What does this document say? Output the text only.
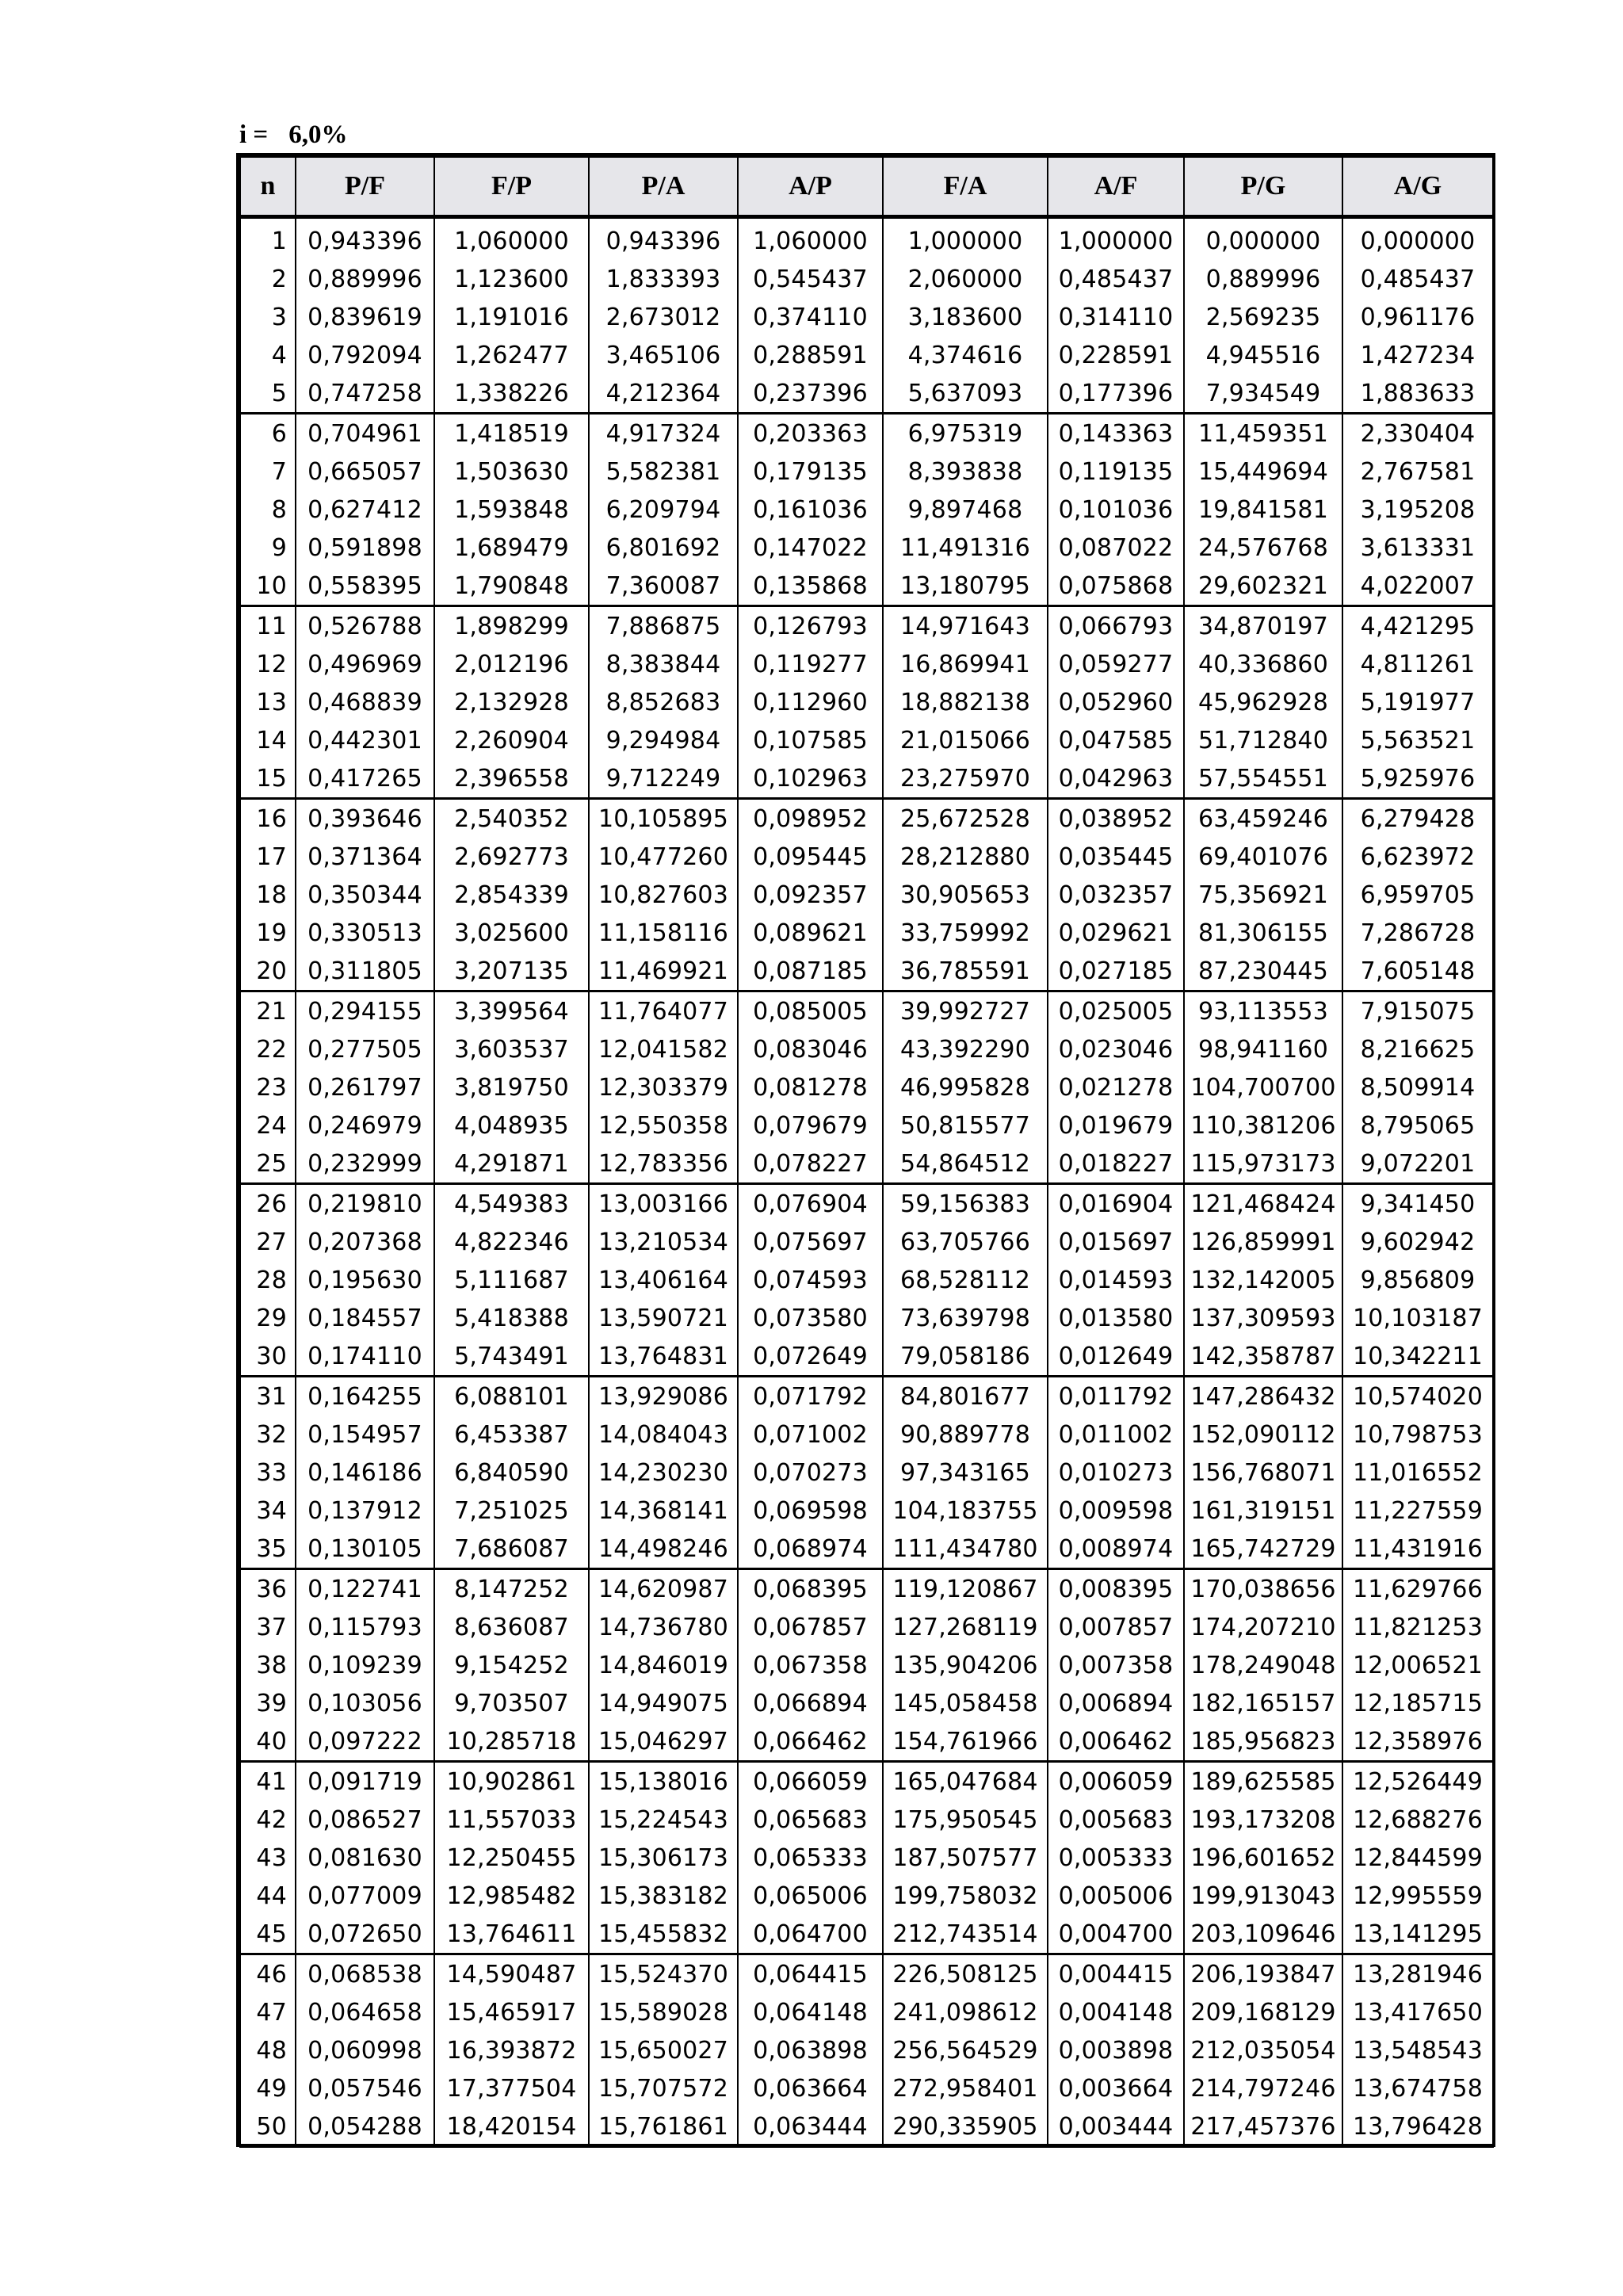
i = 6,0%
n	P/F	F/P	P/A	A/P	F/A	A/F	P/G	A/G
1	0,943396	1,060000	0,943396	1,060000	1,000000	1,000000	0,000000	0,000000
2	0,889996	1,123600	1,833393	0,545437	2,060000	0,485437	0,889996	0,485437
3	0,839619	1,191016	2,673012	0,374110	3,183600	0,314110	2,569235	0,961176
4	0,792094	1,262477	3,465106	0,288591	4,374616	0,228591	4,945516	1,427234
5	0,747258	1,338226	4,212364	0,237396	5,637093	0,177396	7,934549	1,883633
6	0,704961	1,418519	4,917324	0,203363	6,975319	0,143363	11,459351	2,330404
7	0,665057	1,503630	5,582381	0,179135	8,393838	0,119135	15,449694	2,767581
8	0,627412	1,593848	6,209794	0,161036	9,897468	0,101036	19,841581	3,195208
9	0,591898	1,689479	6,801692	0,147022	11,491316	0,087022	24,576768	3,613331
10	0,558395	1,790848	7,360087	0,135868	13,180795	0,075868	29,602321	4,022007
11	0,526788	1,898299	7,886875	0,126793	14,971643	0,066793	34,870197	4,421295
12	0,496969	2,012196	8,383844	0,119277	16,869941	0,059277	40,336860	4,811261
13	0,468839	2,132928	8,852683	0,112960	18,882138	0,052960	45,962928	5,191977
14	0,442301	2,260904	9,294984	0,107585	21,015066	0,047585	51,712840	5,563521
15	0,417265	2,396558	9,712249	0,102963	23,275970	0,042963	57,554551	5,925976
16	0,393646	2,540352	10,105895	0,098952	25,672528	0,038952	63,459246	6,279428
17	0,371364	2,692773	10,477260	0,095445	28,212880	0,035445	69,401076	6,623972
18	0,350344	2,854339	10,827603	0,092357	30,905653	0,032357	75,356921	6,959705
19	0,330513	3,025600	11,158116	0,089621	33,759992	0,029621	81,306155	7,286728
20	0,311805	3,207135	11,469921	0,087185	36,785591	0,027185	87,230445	7,605148
21	0,294155	3,399564	11,764077	0,085005	39,992727	0,025005	93,113553	7,915075
22	0,277505	3,603537	12,041582	0,083046	43,392290	0,023046	98,941160	8,216625
23	0,261797	3,819750	12,303379	0,081278	46,995828	0,021278	104,700700	8,509914
24	0,246979	4,048935	12,550358	0,079679	50,815577	0,019679	110,381206	8,795065
25	0,232999	4,291871	12,783356	0,078227	54,864512	0,018227	115,973173	9,072201
26	0,219810	4,549383	13,003166	0,076904	59,156383	0,016904	121,468424	9,341450
27	0,207368	4,822346	13,210534	0,075697	63,705766	0,015697	126,859991	9,602942
28	0,195630	5,111687	13,406164	0,074593	68,528112	0,014593	132,142005	9,856809
29	0,184557	5,418388	13,590721	0,073580	73,639798	0,013580	137,309593	10,103187
30	0,174110	5,743491	13,764831	0,072649	79,058186	0,012649	142,358787	10,342211
31	0,164255	6,088101	13,929086	0,071792	84,801677	0,011792	147,286432	10,574020
32	0,154957	6,453387	14,084043	0,071002	90,889778	0,011002	152,090112	10,798753
33	0,146186	6,840590	14,230230	0,070273	97,343165	0,010273	156,768071	11,016552
34	0,137912	7,251025	14,368141	0,069598	104,183755	0,009598	161,319151	11,227559
35	0,130105	7,686087	14,498246	0,068974	111,434780	0,008974	165,742729	11,431916
36	0,122741	8,147252	14,620987	0,068395	119,120867	0,008395	170,038656	11,629766
37	0,115793	8,636087	14,736780	0,067857	127,268119	0,007857	174,207210	11,821253
38	0,109239	9,154252	14,846019	0,067358	135,904206	0,007358	178,249048	12,006521
39	0,103056	9,703507	14,949075	0,066894	145,058458	0,006894	182,165157	12,185715
40	0,097222	10,285718	15,046297	0,066462	154,761966	0,006462	185,956823	12,358976
41	0,091719	10,902861	15,138016	0,066059	165,047684	0,006059	189,625585	12,526449
42	0,086527	11,557033	15,224543	0,065683	175,950545	0,005683	193,173208	12,688276
43	0,081630	12,250455	15,306173	0,065333	187,507577	0,005333	196,601652	12,844599
44	0,077009	12,985482	15,383182	0,065006	199,758032	0,005006	199,913043	12,995559
45	0,072650	13,764611	15,455832	0,064700	212,743514	0,004700	203,109646	13,141295
46	0,068538	14,590487	15,524370	0,064415	226,508125	0,004415	206,193847	13,281946
47	0,064658	15,465917	15,589028	0,064148	241,098612	0,004148	209,168129	13,417650
48	0,060998	16,393872	15,650027	0,063898	256,564529	0,003898	212,035054	13,548543
49	0,057546	17,377504	15,707572	0,063664	272,958401	0,003664	214,797246	13,674758
50	0,054288	18,420154	15,761861	0,063444	290,335905	0,003444	217,457376	13,796428
